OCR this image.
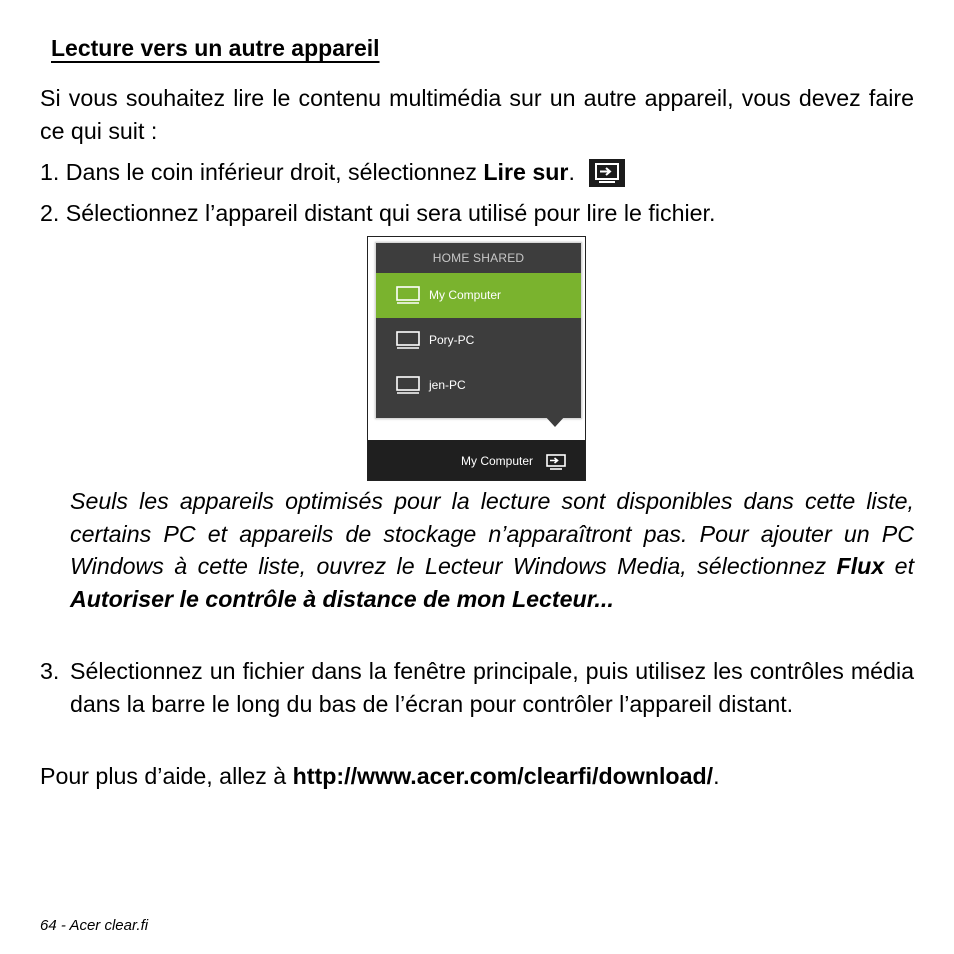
Lecture vers un autre appareil
Si vous souhaitez lire le contenu multimédia sur un autre appareil, vous devez faire ce qui suit :
1. Dans le coin inférieur droit, sélectionnez Lire sur.
2. Sélectionnez l’appareil distant qui sera utilisé pour lire le fichier.
HOME SHARED
My Computer
Pory-PC
jen-PC
My Computer
Seuls les appareils optimisés pour la lecture sont disponibles dans cette liste, certains PC et appareils de stockage n’apparaîtront pas. Pour ajouter un PC Windows à cette liste, ouvrez le Lecteur Windows Media, sélectionnez Flux et Autoriser le contrôle à distance de mon Lecteur...
3. Sélectionnez un fichier dans la fenêtre principale, puis utilisez les contrôles média dans la barre le long du bas de l’écran pour contrôler l’appareil distant.
Pour plus d’aide, allez à http://www.acer.com/clearfi/download/.
64 - Acer clear.fi
